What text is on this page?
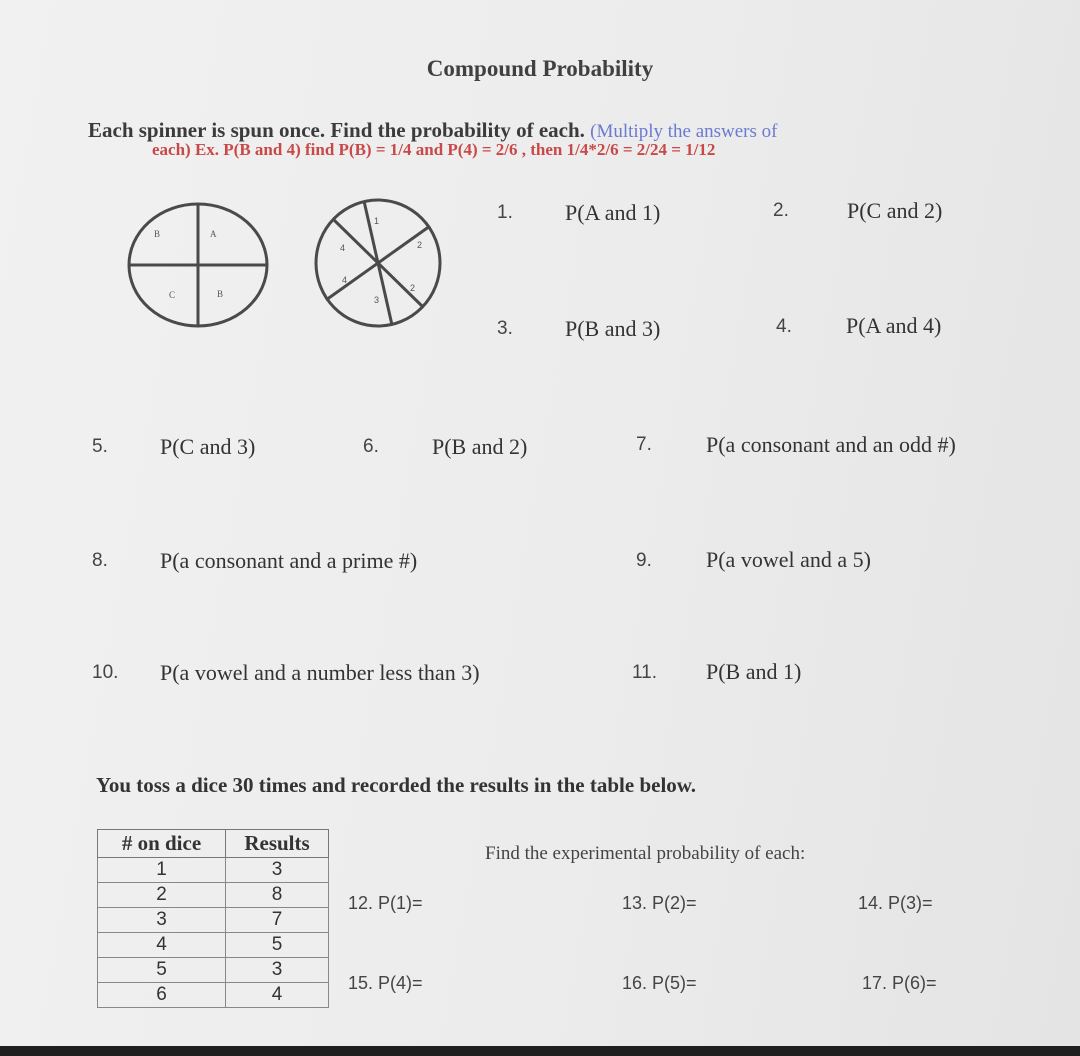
Compound Probability
Each spinner is spun once. Find the probability of each. (Multiply the answers of
each) Ex. P(B and 4) find P(B) = 1/4 and P(4) = 2/6 , then 1/4*2/6 = 2/24 = 1/12
B	A
C	B
1
2
2
3
4
4
1. P(A and 1)	2.	P(C and 2)
3. P(B and 3)	4. P(A and 4)
5. P(C and 3)	6. P(B and 2)	7. P(a consonant and an odd #)
8. P(a consonant and a prime #)	9. P(a vowel and a 5)
10. P(a vowel and a number less than 3)	11. P(B and 1)
You toss a dice 30 times and recorded the results in the table below.
Find the experimental probability of each:
# on dice	Results
1	3
2	8
3	7
4	5
5	3
6	4
12. P(1)=	13. P(2)=	14. P(3)=
15. P(4)=	16. P(5)=	17. P(6)=
